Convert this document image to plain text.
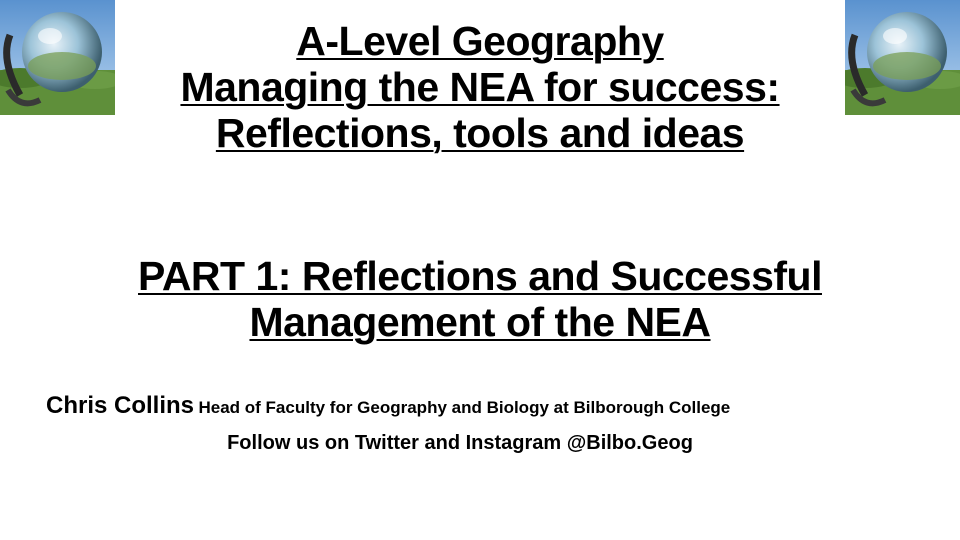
A-Level Geography
Managing the NEA for success:
Reflections, tools and ideas
PART 1: Reflections and Successful
Management of the NEA
Chris Collins Head of Faculty for Geography and Biology at Bilborough College
Follow us on Twitter and Instagram @Bilbo.Geog
